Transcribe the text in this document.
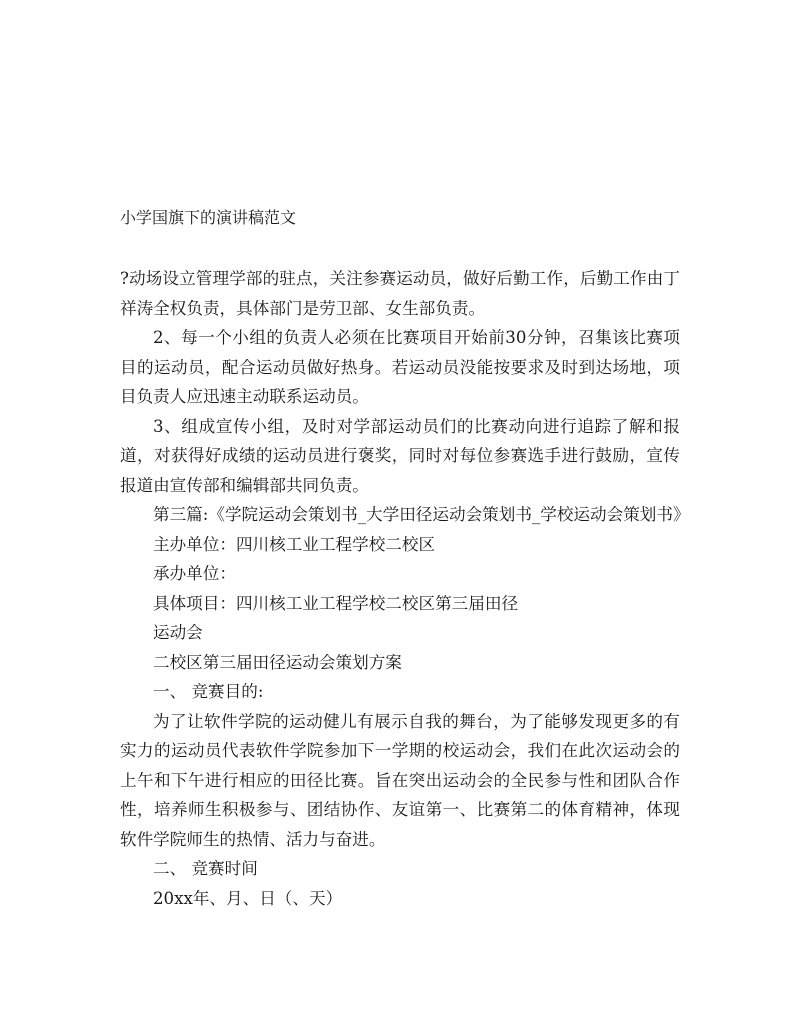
小学国旗下的演讲稿范文

?动场设立管理学部的驻点，关注参赛运动员，做好后勤工作，后勤工作由丁祥涛全权负责，具体部门是劳卫部、女生部负责。

2、每一个小组的负责人必须在比赛项目开始前30分钟，召集该比赛项目的运动员，配合运动员做好热身。若运动员没能按要求及时到达场地，项目负责人应迅速主动联系运动员。

3、组成宣传小组，及时对学部运动员们的比赛动向进行追踪了解和报道，对获得好成绩的运动员进行褒奖，同时对每位参赛选手进行鼓励，宣传报道由宣传部和编辑部共同负责。

第三篇:《学院运动会策划书_大学田径运动会策划书_学校运动会策划书》

主办单位：四川核工业工程学校二校区

承办单位：

具体项目：四川核工业工程学校二校区第三届田径

运动会

二校区第三届田径运动会策划方案

一、 竞赛目的:

为了让软件学院的运动健儿有展示自我的舞台，为了能够发现更多的有实力的运动员代表软件学院参加下一学期的校运动会，我们在此次运动会的上午和下午进行相应的田径比赛。旨在突出运动会的全民参与性和团队合作性，培养师生积极参与、团结协作、友谊第一、比赛第二的体育精神，体现软件学院师生的热情、活力与奋进。

二、 竞赛时间

20xx年、月、日（、天）
